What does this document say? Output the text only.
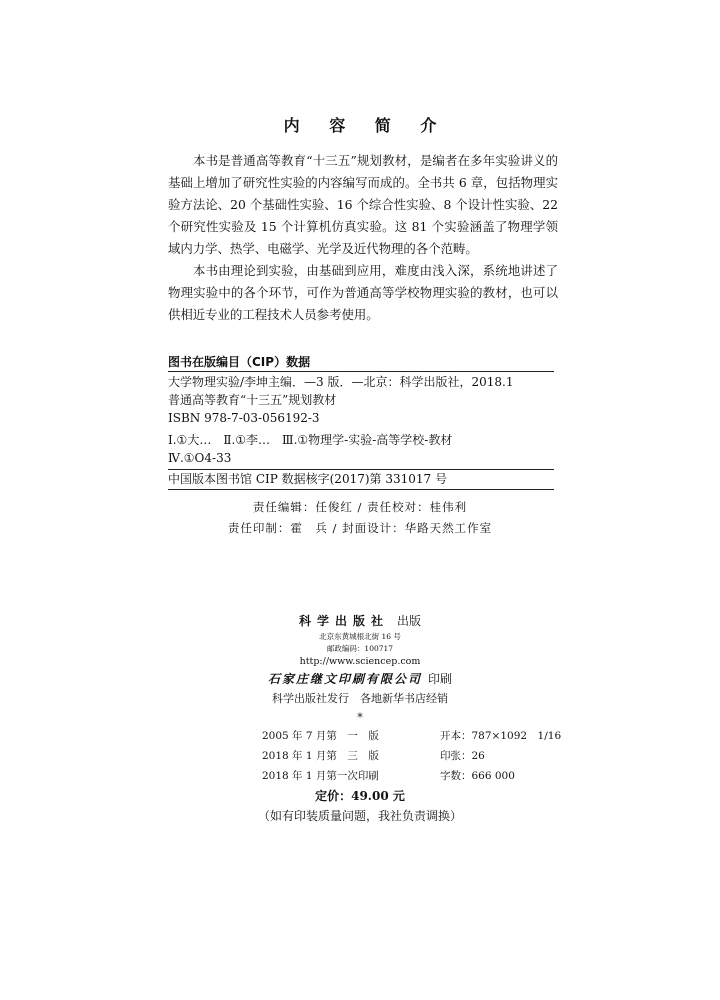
内 容 简 介

本书是普通高等教育“十三五”规划教材，是编者在多年实验讲义的基础上增加了研究性实验的内容编写而成的。全书共 6 章，包括物理实验方法论、20 个基础性实验、16 个综合性实验、8 个设计性实验、22 个研究性实验及 15 个计算机仿真实验。这 81 个实验涵盖了物理学领域内力学、热学、电磁学、光学及近代物理的各个范畴。

本书由理论到实验，由基础到应用，难度由浅入深，系统地讲述了物理实验中的各个环节，可作为普通高等学校物理实验的教材，也可以供相近专业的工程技术人员参考使用。

图书在版编目（CIP）数据
大学物理实验/李坤主编．—3 版．—北京：科学出版社，2018.1
普通高等教育“十三五”规划教材
ISBN 978-7-03-056192-3
Ⅰ.①大…　Ⅱ.①李…　Ⅲ.①物理学-实验-高等学校-教材
Ⅳ.①O4-33
中国版本图书馆 CIP 数据核字(2017)第 331017 号
责任编辑：任俊红 / 责任校对：桂伟利
责任印制：霍　兵 / 封面设计：华路天然工作室
科学出版社 出版
北京东黄城根北街 16 号
邮政编码：100717
http://www.sciencep.com
石家庄继文印刷有限公司 印刷
科学出版社发行　各地新华书店经销
*
2005 年 7 月第　一　版	开本：787×1092　1/16
2018 年 1 月第　三　版	印张：26
2018 年 1 月第一次印刷	字数：666 000
定价：49.00 元
（如有印装质量问题，我社负责调换）
